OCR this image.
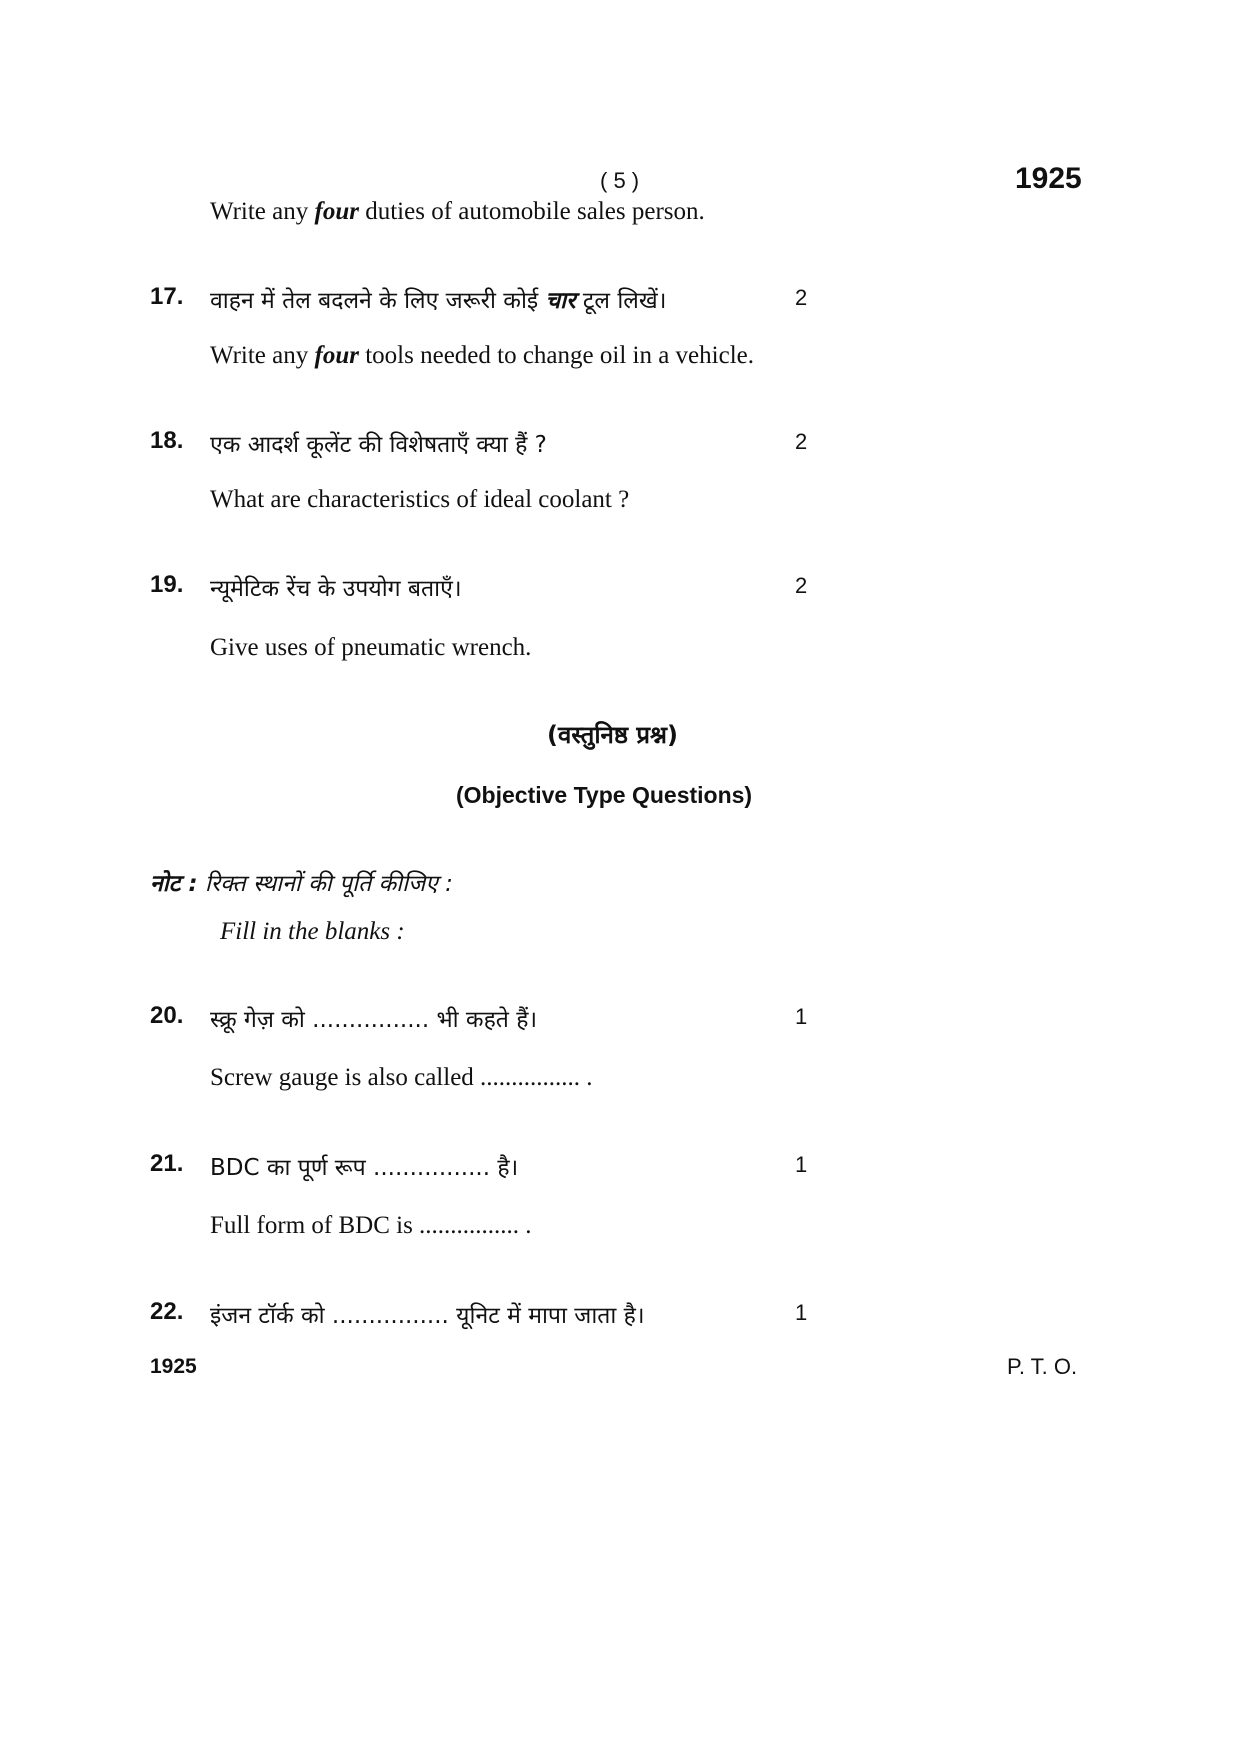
( 5 )	1925
Write any four duties of automobile sales person.
17. वाहन में तेल बदलने के लिए जरूरी कोई चार टूल लिखें।	2
Write any four tools needed to change oil in a vehicle.
18. एक आदर्श कूलेंट की विशेषताएँ क्या हैं ?	2
What are characteristics of ideal coolant ?
19. न्यूमेटिक रेंच के उपयोग बताएँ।	2
Give uses of pneumatic wrench.
(वस्तुनिष्ठ प्रश्न)
(Objective Type Questions)
नोट : रिक्त स्थानों की पूर्ति कीजिए :
Fill in the blanks :
20. स्क्रू गेज़ को ................ भी कहते हैं।	1
Screw gauge is also called ................ .
21. BDC का पूर्ण रूप ................ है।	1
Full form of BDC is ................ .
22. इंजन टॉर्क को ................ यूनिट में मापा जाता है।	1
1925	P. T. O.
